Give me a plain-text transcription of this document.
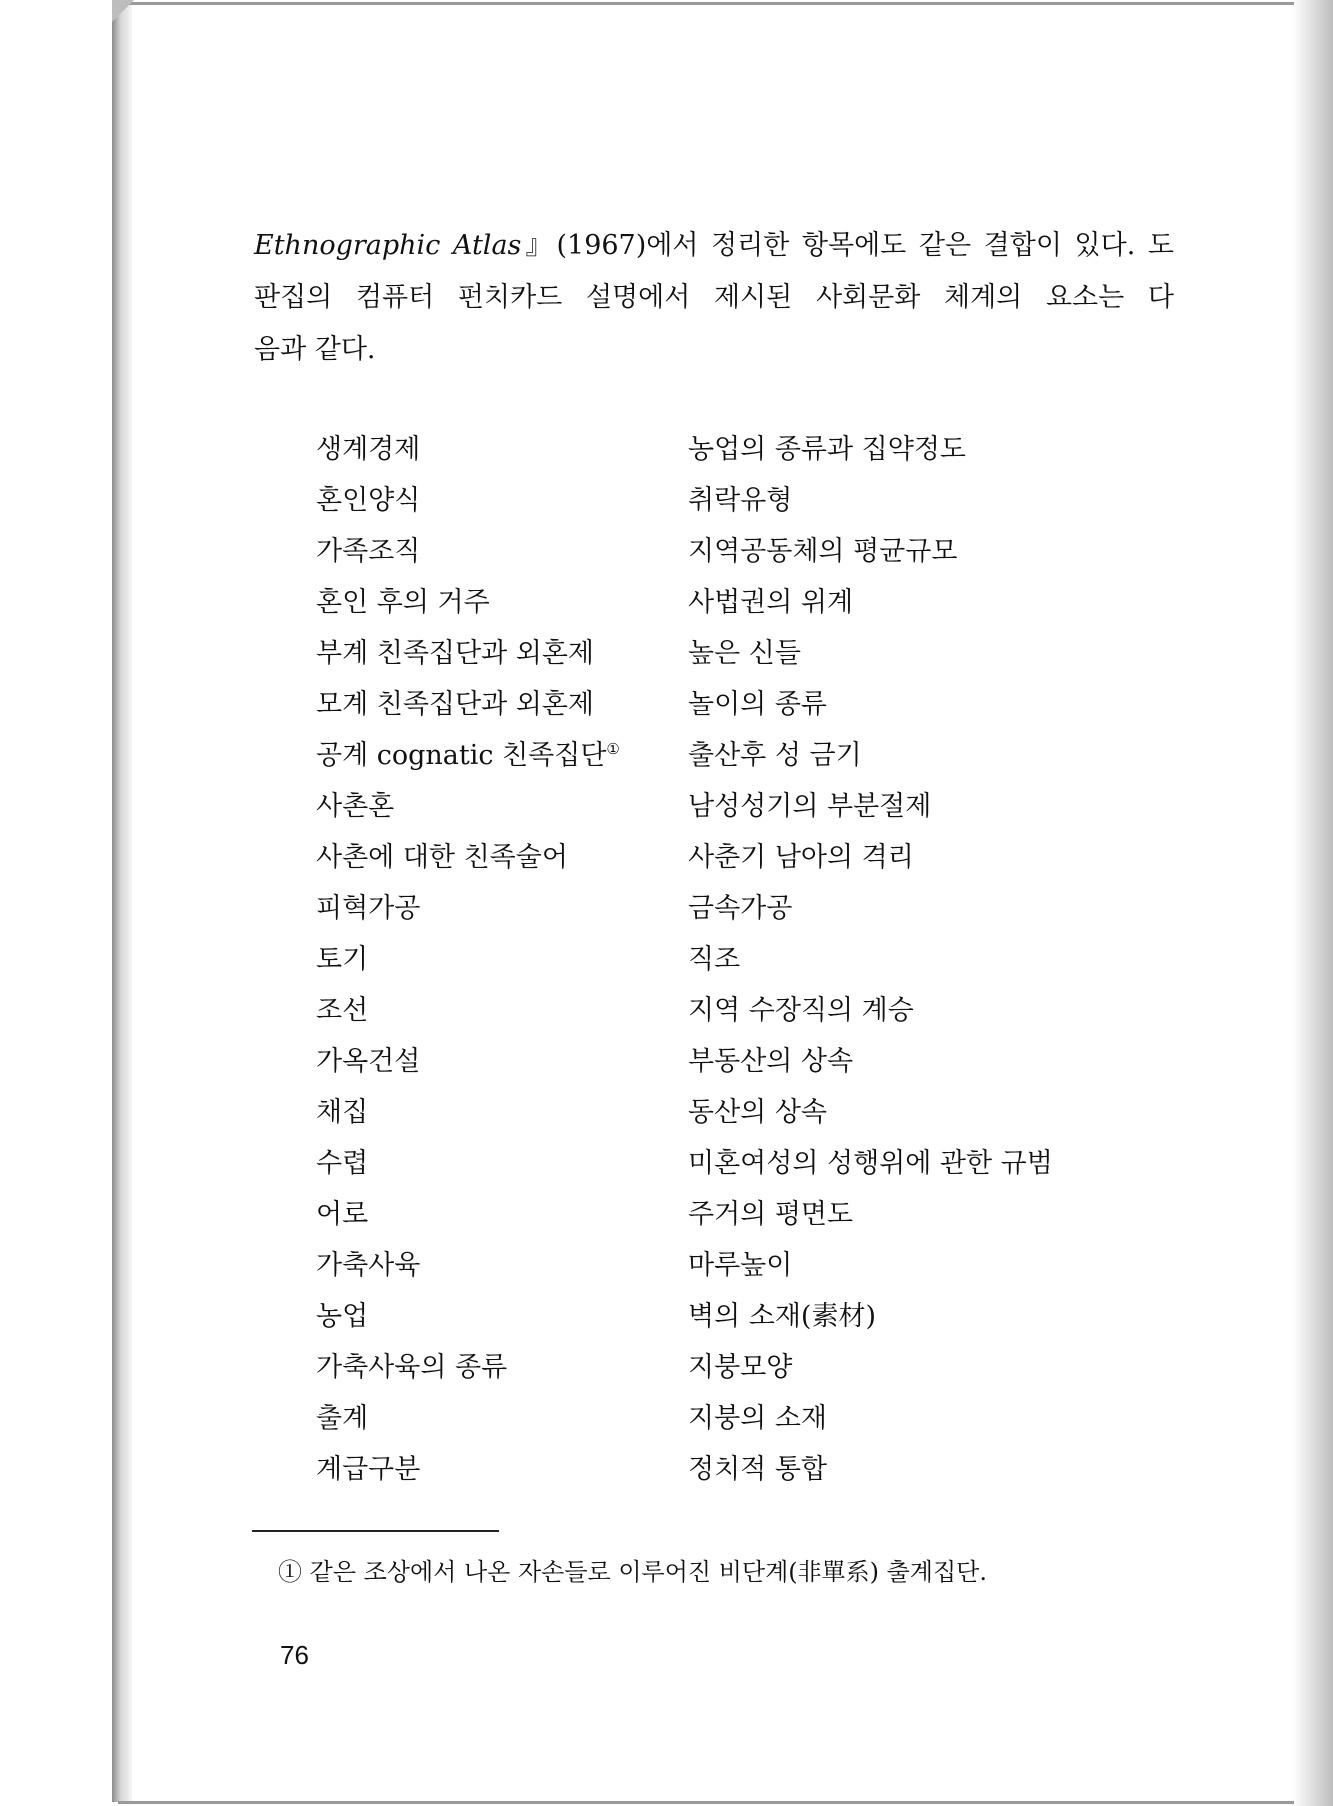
Ethnographic Atlas』(1967)에서 정리한 항목에도 같은 결합이 있다. 도
판집의 컴퓨터 펀치카드 설명에서 제시된 사회문화 체계의 요소는 다
음과 같다.
생계경제	농업의 종류과 집약정도
혼인양식	취락유형
가족조직	지역공동체의 평균규모
혼인 후의 거주	사법권의 위계
부계 친족집단과 외혼제	높은 신들
모계 친족집단과 외혼제	놀이의 종류
공계 cognatic 친족집단①	출산후 성 금기
사촌혼	남성성기의 부분절제
사촌에 대한 친족술어	사춘기 남아의 격리
피혁가공	금속가공
토기	직조
조선	지역 수장직의 계승
가옥건설	부동산의 상속
채집	동산의 상속
수렵	미혼여성의 성행위에 관한 규범
어로	주거의 평면도
가축사육	마루높이
농업	벽의 소재(素材)
가축사육의 종류	지붕모양
출계	지붕의 소재
계급구분	정치적 통합
① 같은 조상에서 나온 자손들로 이루어진 비단계(非單系) 출계집단.
76
